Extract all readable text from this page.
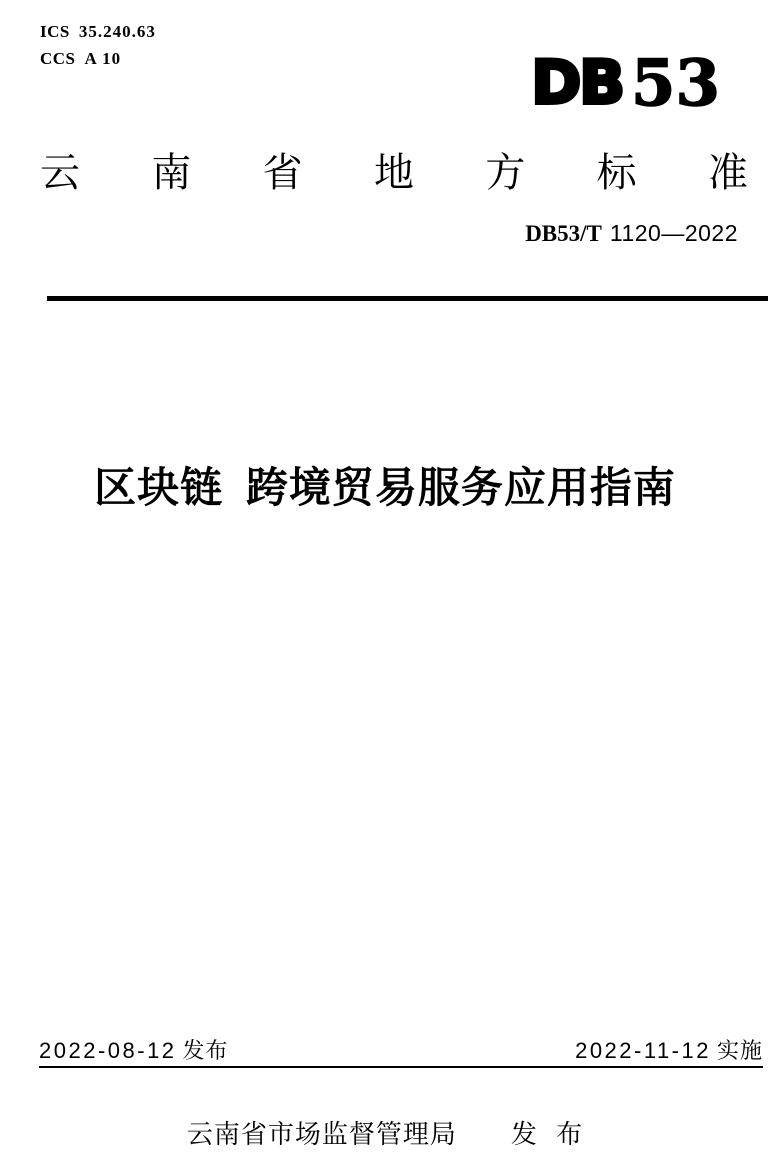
ICS 35.240.63
CCS A 10	DB 53
云 南 省 地 方 标 准
DB53/T 1120—2022
区块链 跨境贸易服务应用指南
2022-08-12 发布	2022-11-12 实施
云南省市场监督管理局 发 布
